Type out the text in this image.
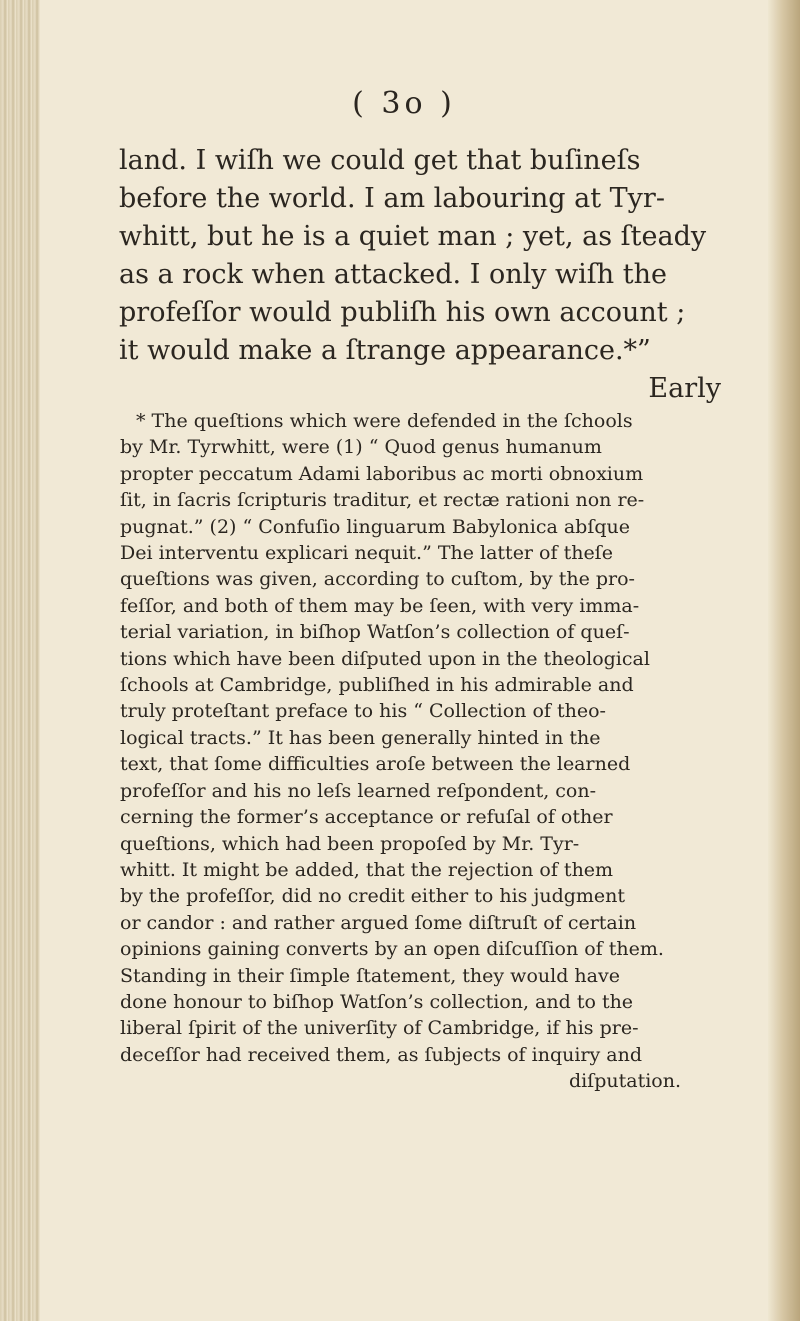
( 3o )
land. I wiſh we could get that buſineſs
before the world. I am labouring at Tyr-
whitt, but he is a quiet man ; yet, as ſteady
as a rock when attacked. I only wiſh the
profeſſor would publiſh his own account ;
it would make a ſtrange appearance.*”
Early
* The queſtions which were defended in the ſchools
by Mr. Tyrwhitt, were (1) “ Quod genus humanum
propter peccatum Adami laboribus ac morti obnoxium
ſit, in ſacris ſcripturis traditur, et rectæ rationi non re-
pugnat.” (2) “ Confuſio linguarum Babylonica abſque
Dei interventu explicari nequit.” The latter of theſe
queſtions was given, according to cuſtom, by the pro-
feſſor, and both of them may be ſeen, with very imma-
terial variation, in biſhop Watſon’s collection of queſ-
tions which have been diſputed upon in the theological
ſchools at Cambridge, publiſhed in his admirable and
truly proteſtant preface to his “ Collection of theo-
logical tracts.” It has been generally hinted in the
text, that ſome difficulties aroſe between the learned
profeſſor and his no leſs learned reſpondent, con-
cerning the former’s acceptance or refuſal of other
queſtions, which had been propoſed by Mr. Tyr-
whitt. It might be added, that the rejection of them
by the profeſſor, did no credit either to his judgment
or candor : and rather argued ſome diſtruſt of certain
opinions gaining converts by an open diſcuſſion of them.
Standing in their ſimple ſtatement, they would have
done honour to biſhop Watſon’s collection, and to the
liberal ſpirit of the univerſity of Cambridge, if his pre-
deceſſor had received them, as ſubjects of inquiry and
diſputation.
